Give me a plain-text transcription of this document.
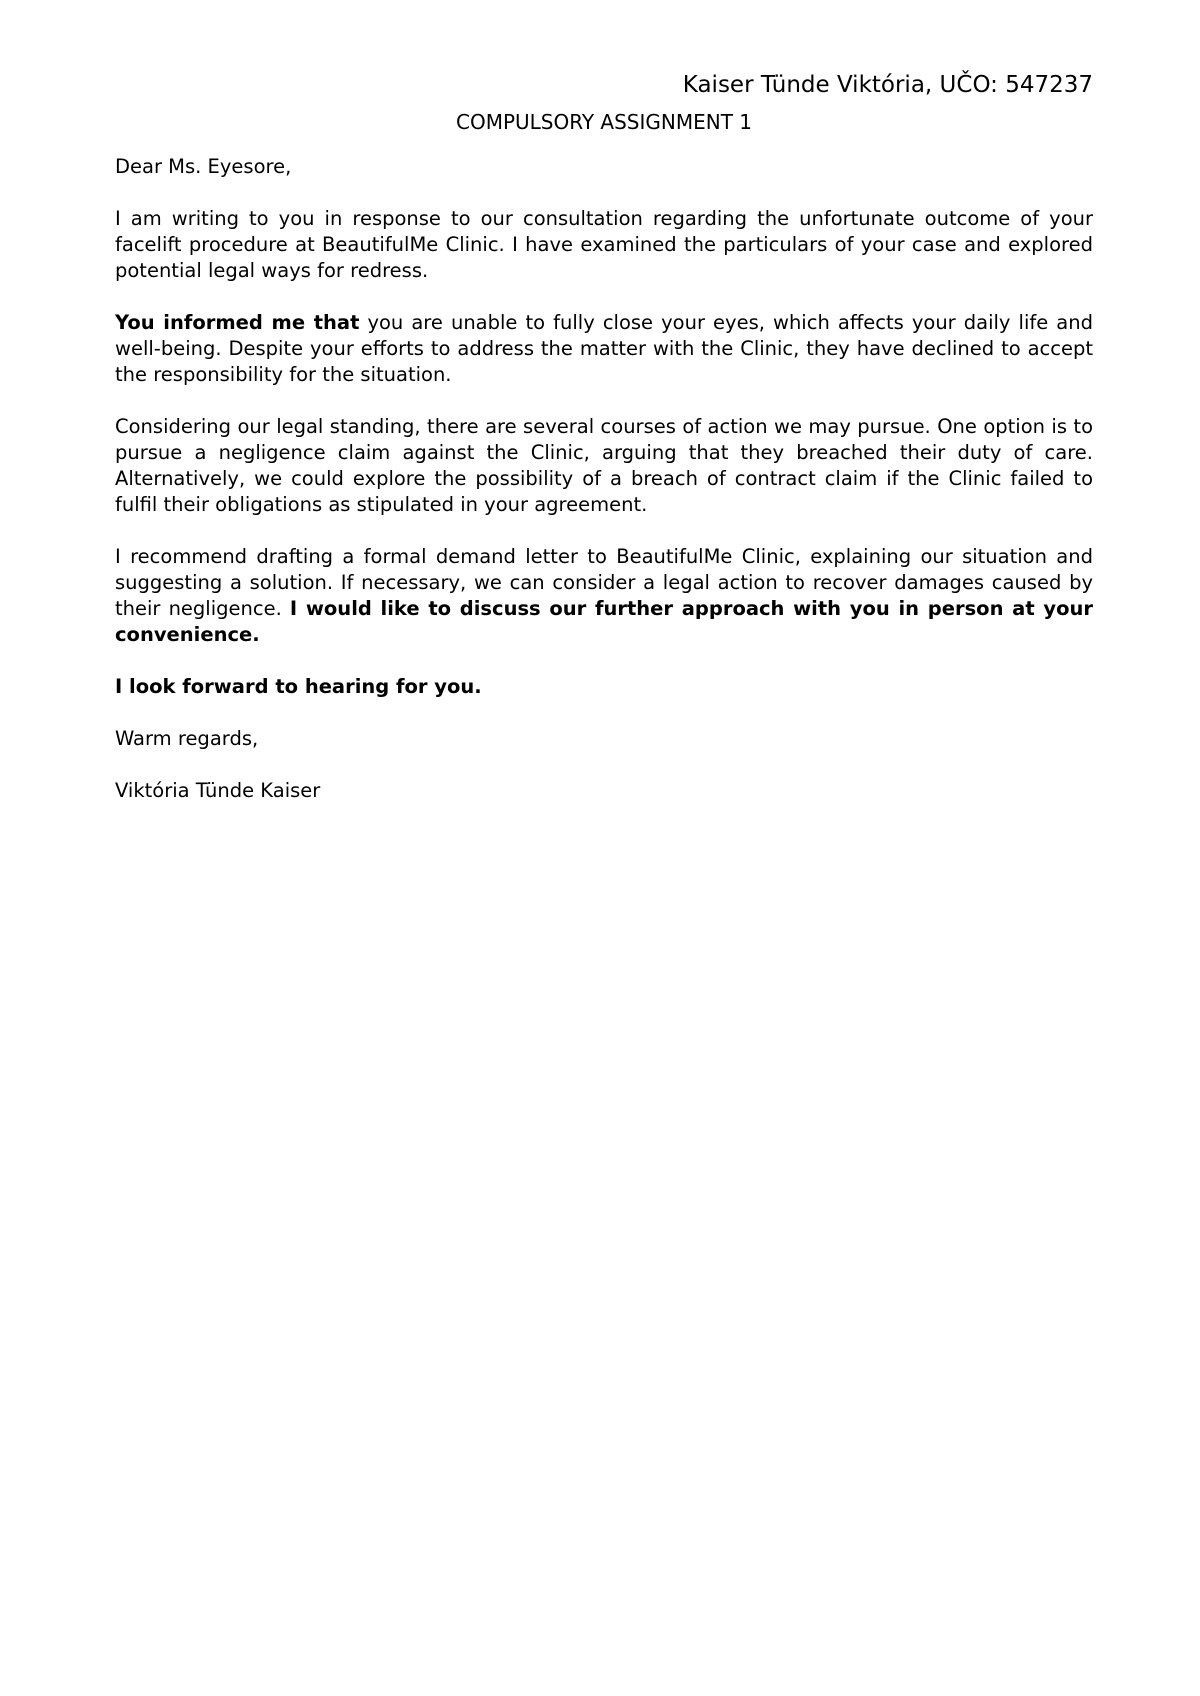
Kaiser Tünde Viktória, UČO: 547237

COMPULSORY ASSIGNMENT 1

Dear Ms. Eyesore,

I am writing to you in response to our consultation regarding the unfortunate outcome of your facelift procedure at BeautifulMe Clinic. I have examined the particulars of your case and explored potential legal ways for redress.

You informed me that you are unable to fully close your eyes, which affects your daily life and well-being. Despite your efforts to address the matter with the Clinic, they have declined to accept the responsibility for the situation.

Considering our legal standing, there are several courses of action we may pursue. One option is to pursue a negligence claim against the Clinic, arguing that they breached their duty of care. Alternatively, we could explore the possibility of a breach of contract claim if the Clinic failed to fulfil their obligations as stipulated in your agreement.

I recommend drafting a formal demand letter to BeautifulMe Clinic, explaining our situation and suggesting a solution. If necessary, we can consider a legal action to recover damages caused by their negligence. I would like to discuss our further approach with you in person at your convenience.

I look forward to hearing for you.

Warm regards,

Viktória Tünde Kaiser
